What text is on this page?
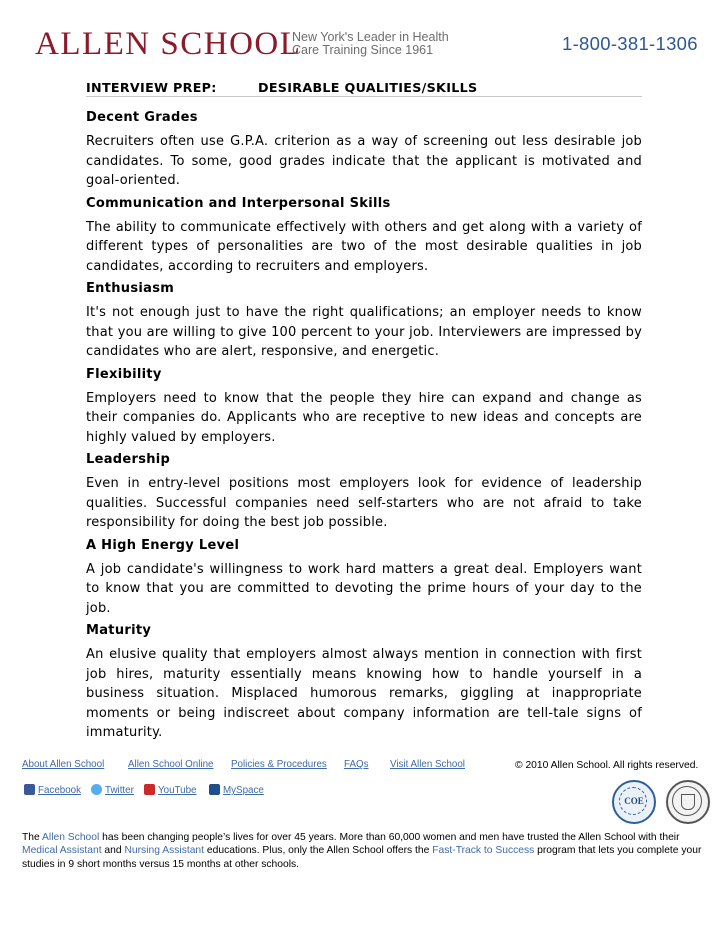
ALLEN SCHOOL
New York's Leader in Health
Care Training Since 1961	1-800-381-1306
INTERVIEW PREP:	DESIRABLE QUALITIES/SKILLS
Decent Grades

Recruiters often use G.P.A. criterion as a way of screening out less desirable job candidates. To some, good grades indicate that the applicant is motivated and goal-oriented.

Communication and Interpersonal Skills

The ability to communicate effectively with others and get along with a variety of different types of personalities are two of the most desirable qualities in job candidates, according to recruiters and employers.

Enthusiasm

It's not enough just to have the right qualifications; an employer needs to know that you are willing to give 100 percent to your job. Interviewers are impressed by candidates who are alert, responsive, and energetic.

Flexibility

Employers need to know that the people they hire can expand and change as their companies do. Applicants who are receptive to new ideas and concepts are highly valued by employers.

Leadership

Even in entry-level positions most employers look for evidence of leadership qualities. Successful companies need self-starters who are not afraid to take responsibility for doing the best job possible.

A High Energy Level

A job candidate's willingness to work hard matters a great deal. Employers want to know that you are committed to devoting the prime hours of your day to the job.

Maturity

An elusive quality that employers almost always mention in connection with first job hires, maturity essentially means knowing how to handle yourself in a business situation. Misplaced humorous remarks, giggling at inappropriate moments or being indiscreet about company information are tell-tale signs of immaturity.

About Allen School Allen School Online Policies & Procedures FAQs Visit Allen School	© 2010 Allen School. All rights reserved.
Facebook	Twitter	YouTube	MySpace
COE
The Allen School has been changing people’s lives for over 45 years. More than 60,000 women and men have trusted the Allen School with their Medical Assistant and Nursing Assistant educations. Plus, only the Allen School offers the Fast-Track to Success program that lets you complete your studies in 9 short months versus 15 months at other schools.
